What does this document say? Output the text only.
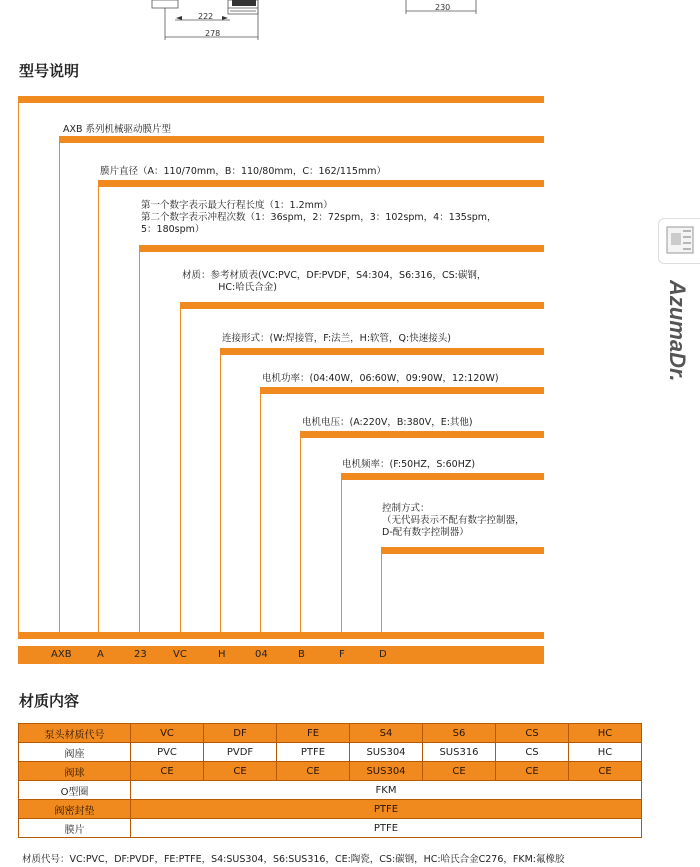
222
278
230
型号说明
AXB 系列机械驱动膜片型
膜片直径（A：110/70mm，B：110/80mm，C：162/115mm）
第一个数字表示最大行程长度（1：1.2mm）
第二个数字表示冲程次数（1：36spm，2：72spm，3：102spm，4：135spm，
5：180spm）
材质：参考材质表(VC:PVC，DF:PVDF，S4:304，S6:316，CS:碳钢，
HC:哈氏合金)
连接形式：(W:焊接管，F:法兰，H:软管，Q:快速接头)
电机功率：(04:40W，06:60W，09:90W，12:120W)
电机电压：(A:220V，B:380V，E:其他)
电机频率：(F:50HZ，S:60HZ)
控制方式：
（无代码表示不配有数字控制器，
D-配有数字控制器）
AXB	A	23	VC	H	04	B	F	D
材质内容
泵头材质代号	VC	DF	FE	S4	S6	CS	HC
阀座	PVC	PVDF	PTFE	SUS304	SUS316	CS	HC
阀球	CE	CE	CE	SUS304	CE	CE	CE
O型圈	FKM						
阀密封垫	PTFE						
膜片	PTFE						
材质代号：VC:PVC，DF:PVDF，FE:PTFE，S4:SUS304，S6:SUS316，CE:陶瓷，CS:碳钢，HC:哈氏合金C276，FKM:氟橡胶
AzumaDr.
